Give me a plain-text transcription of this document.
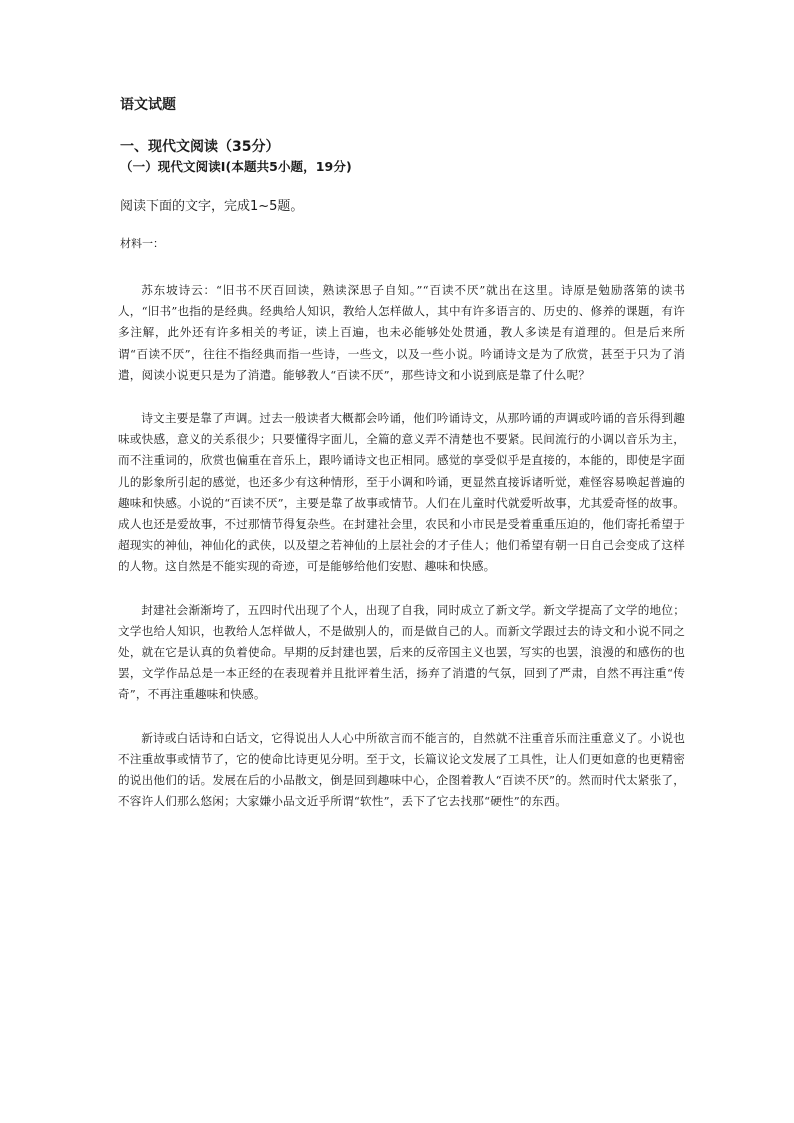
语文试题
一、现代文阅读（35分）
（一）现代文阅读Ⅰ(本题共5小题，19分)

阅读下面的文字，完成1~5题。

材料一：

苏东坡诗云：“旧书不厌百回读，熟读深思子自知。”“百读不厌”就出在这里。诗原是勉励落第的读书人，“旧书”也指的是经典。经典给人知识，教给人怎样做人，其中有许多语言的、历史的、修养的课题，有许多注解，此外还有许多相关的考证，读上百遍，也未必能够处处贯通，教人多读是有道理的。但是后来所谓“百读不厌”，往往不指经典而指一些诗，一些文，以及一些小说。吟诵诗文是为了欣赏，甚至于只为了消遣，阅读小说更只是为了消遣。能够教人“百读不厌”，那些诗文和小说到底是靠了什么呢？

诗文主要是靠了声调。过去一般读者大概都会吟诵，他们吟诵诗文，从那吟诵的声调或吟诵的音乐得到趣味或快感，意义的关系很少；只要懂得字面儿，全篇的意义弄不清楚也不要紧。民间流行的小调以音乐为主，而不注重词的，欣赏也偏重在音乐上，跟吟诵诗文也正相同。感觉的享受似乎是直接的，本能的，即使是字面儿的影象所引起的感觉，也还多少有这种情形，至于小调和吟诵，更显然直接诉诸听觉，难怪容易唤起普遍的趣味和快感。小说的“百读不厌”，主要是靠了故事或情节。人们在儿童时代就爱听故事，尤其爱奇怪的故事。成人也还是爱故事，不过那情节得复杂些。在封建社会里，农民和小市民是受着重重压迫的，他们寄托希望于超现实的神仙，神仙化的武侠，以及望之若神仙的上层社会的才子佳人；他们希望有朝一日自己会变成了这样的人物。这自然是不能实现的奇迹，可是能够给他们安慰、趣味和快感。

封建社会渐渐垮了，五四时代出现了个人，出现了自我，同时成立了新文学。新文学提高了文学的地位；文学也给人知识，也教给人怎样做人，不是做别人的，而是做自己的人。而新文学跟过去的诗文和小说不同之处，就在它是认真的负着使命。早期的反封建也罢，后来的反帝国主义也罢，写实的也罢，浪漫的和感伤的也罢，文学作品总是一本正经的在表现着并且批评着生活，扬弃了消遣的气氛，回到了严肃，自然不再注重“传奇”，不再注重趣味和快感。

新诗或白话诗和白话文，它得说出人人心中所欲言而不能言的，自然就不注重音乐而注重意义了。小说也不注重故事或情节了，它的使命比诗更见分明。至于文，长篇议论文发展了工具性，让人们更如意的也更精密的说出他们的话。发展在后的小品散文，倒是回到趣味中心，企图着教人“百读不厌”的。然而时代太紧张了，不容许人们那么悠闲；大家嫌小品文近乎所谓“软性”，丢下了它去找那“硬性”的东西。
